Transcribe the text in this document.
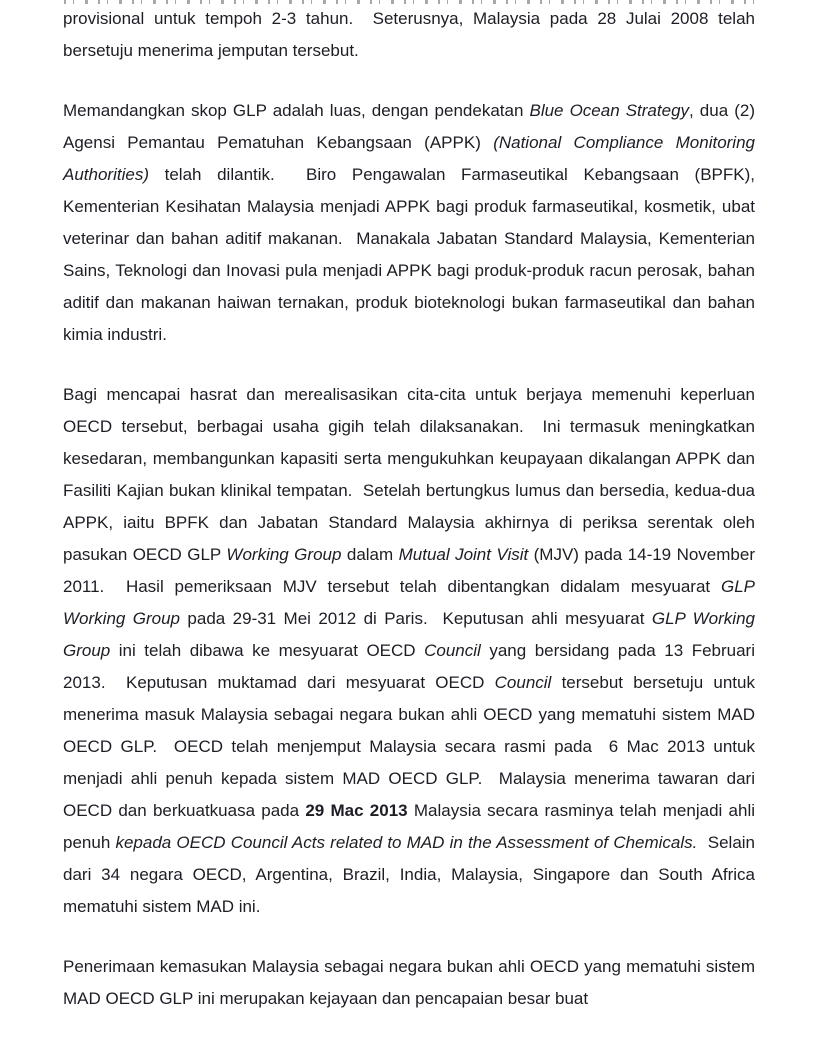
provisional untuk tempoh 2-3 tahun.  Seterusnya, Malaysia pada 28 Julai 2008 telah bersetuju menerima jemputan tersebut.

Memandangkan skop GLP adalah luas, dengan pendekatan Blue Ocean Strategy, dua (2) Agensi Pemantau Pematuhan Kebangsaan (APPK) (National Compliance Monitoring Authorities) telah dilantik.  Biro Pengawalan Farmaseutikal Kebangsaan (BPFK), Kementerian Kesihatan Malaysia menjadi APPK bagi produk farmaseutikal, kosmetik, ubat veterinar dan bahan aditif makanan.  Manakala Jabatan Standard Malaysia, Kementerian Sains, Teknologi dan Inovasi pula menjadi APPK bagi produk-produk racun perosak, bahan aditif dan makanan haiwan ternakan, produk bioteknologi bukan farmaseutikal dan bahan kimia industri.

Bagi mencapai hasrat dan merealisasikan cita-cita untuk berjaya memenuhi keperluan OECD tersebut, berbagai usaha gigih telah dilaksanakan.  Ini termasuk meningkatkan kesedaran, membangunkan kapasiti serta mengukuhkan keupayaan dikalangan APPK dan Fasiliti Kajian bukan klinikal tempatan.  Setelah bertungkus lumus dan bersedia, kedua-dua APPK, iaitu BPFK dan Jabatan Standard Malaysia akhirnya di periksa serentak oleh pasukan OECD GLP Working Group dalam Mutual Joint Visit (MJV) pada 14-19 November 2011.  Hasil pemeriksaan MJV tersebut telah dibentangkan didalam mesyuarat GLP Working Group pada 29-31 Mei 2012 di Paris.  Keputusan ahli mesyuarat GLP Working Group ini telah dibawa ke mesyuarat OECD Council yang bersidang pada 13 Februari 2013.  Keputusan muktamad dari mesyuarat OECD Council tersebut bersetuju untuk menerima masuk Malaysia sebagai negara bukan ahli OECD yang mematuhi sistem MAD OECD GLP.  OECD telah menjemput Malaysia secara rasmi pada  6 Mac 2013 untuk menjadi ahli penuh kepada sistem MAD OECD GLP.  Malaysia menerima tawaran dari OECD dan berkuatkuasa pada 29 Mac 2013 Malaysia secara rasminya telah menjadi ahli penuh kepada OECD Council Acts related to MAD in the Assessment of Chemicals.  Selain dari 34 negara OECD, Argentina, Brazil, India, Malaysia, Singapore dan South Africa mematuhi sistem MAD ini.

Penerimaan kemasukan Malaysia sebagai negara bukan ahli OECD yang mematuhi sistem MAD OECD GLP ini merupakan kejayaan dan pencapaian besar buat
